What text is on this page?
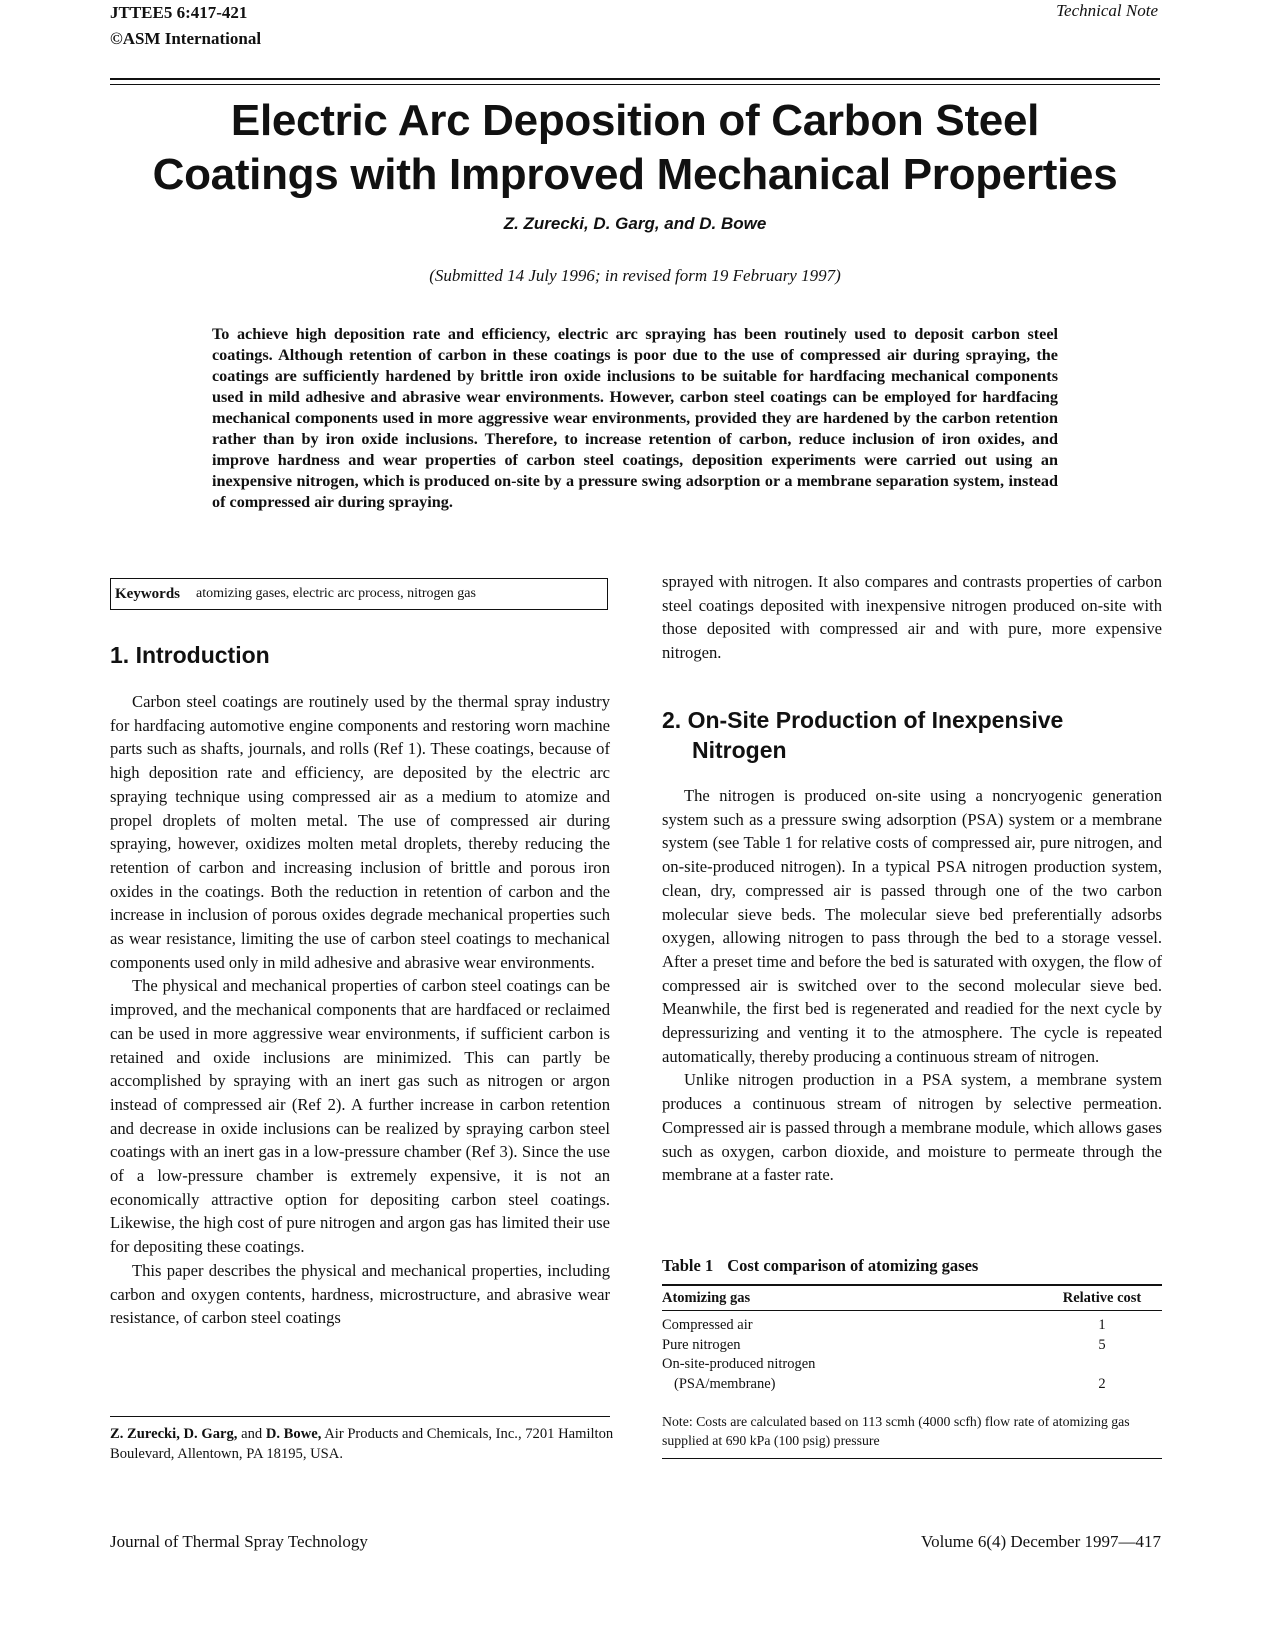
JTTEE5 6:417-421
©ASM International
Technical Note
Electric Arc Deposition of Carbon Steel
Coatings with Improved Mechanical Properties
Z. Zurecki, D. Garg, and D. Bowe
(Submitted 14 July 1996; in revised form 19 February 1997)
To achieve high deposition rate and efficiency, electric arc spraying has been routinely used to deposit carbon steel coatings. Although retention of carbon in these coatings is poor due to the use of compressed air during spraying, the coatings are sufficiently hardened by brittle iron oxide inclusions to be suitable for hardfacing mechanical components used in mild adhesive and abrasive wear environments. However, carbon steel coatings can be employed for hardfacing mechanical components used in more aggressive wear environments, provided they are hardened by the carbon retention rather than by iron oxide inclusions. Therefore, to increase retention of carbon, reduce inclusion of iron oxides, and improve hardness and wear properties of carbon steel coatings, deposition experiments were carried out using an inexpensive nitrogen, which is produced on-site by a pressure swing adsorption or a membrane separation system, instead of compressed air during spraying.
Keywords atomizing gases, electric arc process, nitrogen gas
1. Introduction

Carbon steel coatings are routinely used by the thermal spray industry for hardfacing automotive engine components and restoring worn machine parts such as shafts, journals, and rolls (Ref 1). These coatings, because of high deposition rate and efficiency, are deposited by the electric arc spraying technique using compressed air as a medium to atomize and propel droplets of molten metal. The use of compressed air during spraying, however, oxidizes molten metal droplets, thereby reducing the retention of carbon and increasing inclusion of brittle and porous iron oxides in the coatings. Both the reduction in retention of carbon and the increase in inclusion of porous oxides degrade mechanical properties such as wear resistance, limiting the use of carbon steel coatings to mechanical components used only in mild adhesive and abrasive wear environments.

The physical and mechanical properties of carbon steel coatings can be improved, and the mechanical components that are hardfaced or reclaimed can be used in more aggressive wear environments, if sufficient carbon is retained and oxide inclusions are minimized. This can partly be accomplished by spraying with an inert gas such as nitrogen or argon instead of compressed air (Ref 2). A further increase in carbon retention and decrease in oxide inclusions can be realized by spraying carbon steel coatings with an inert gas in a low-pressure chamber (Ref 3). Since the use of a low-pressure chamber is extremely expensive, it is not an economically attractive option for depositing carbon steel coatings. Likewise, the high cost of pure nitrogen and argon gas has limited their use for depositing these coatings.

This paper describes the physical and mechanical properties, including carbon and oxygen contents, hardness, microstructure, and abrasive wear resistance, of carbon steel coatings

Z. Zurecki, D. Garg, and D. Bowe, Air Products and Chemicals, Inc., 7201 Hamilton Boulevard, Allentown, PA 18195, USA.

sprayed with nitrogen. It also compares and contrasts properties of carbon steel coatings deposited with inexpensive nitrogen produced on-site with those deposited with compressed air and with pure, more expensive nitrogen.

2. On-Site Production of Inexpensive
Nitrogen

The nitrogen is produced on-site using a noncryogenic generation system such as a pressure swing adsorption (PSA) system or a membrane system (see Table 1 for relative costs of compressed air, pure nitrogen, and on-site-produced nitrogen). In a typical PSA nitrogen production system, clean, dry, compressed air is passed through one of the two carbon molecular sieve beds. The molecular sieve bed preferentially adsorbs oxygen, allowing nitrogen to pass through the bed to a storage vessel. After a preset time and before the bed is saturated with oxygen, the flow of compressed air is switched over to the second molecular sieve bed. Meanwhile, the first bed is regenerated and readied for the next cycle by depressurizing and venting it to the atmosphere. The cycle is repeated automatically, thereby producing a continuous stream of nitrogen.

Unlike nitrogen production in a PSA system, a membrane system produces a continuous stream of nitrogen by selective permeation. Compressed air is passed through a membrane module, which allows gases such as oxygen, carbon dioxide, and moisture to permeate through the membrane at a faster rate.

Table 1 Cost comparison of atomizing gases
Atomizing gas	Relative cost
Compressed air	1
Pure nitrogen	5
On-site-produced nitrogen
(PSA/membrane)	2
Note: Costs are calculated based on 113 scmh (4000 scfh) flow rate of atomizing gas supplied at 690 kPa (100 psig) pressure
Journal of Thermal Spray Technology	Volume 6(4) December 1997—417
